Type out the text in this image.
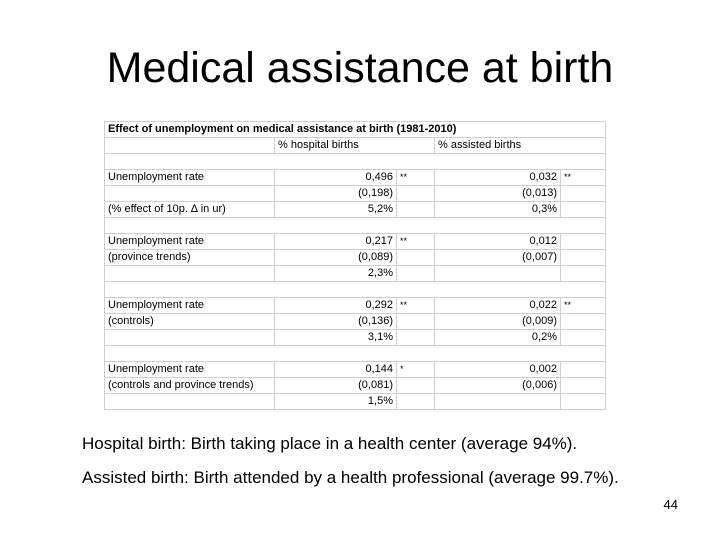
Medical assistance at birth
Effect of unemployment on medical assistance at birth (1981-2010)				
	% hospital births		% assisted births	

Unemployment rate	0,496	**	0,032	**
	(0,198)		(0,013)	
(% effect of 10p. ∆ in ur)	5,2%		0,3%	

Unemployment rate	0,217	**	0,012	
(province trends)	(0,089)		(0,007)	
	2,3%			

Unemployment rate	0,292	**	0,022	**
(controls)	(0,136)		(0,009)	
	3,1%		0,2%	

Unemployment rate	0,144	*	0,002	
(controls and province trends)	(0,081)		(0,006)	
	1,5%			

Hospital birth: Birth taking place in a health center (average 94%).

Assisted birth: Birth attended by a health professional (average 99.7%).

44
